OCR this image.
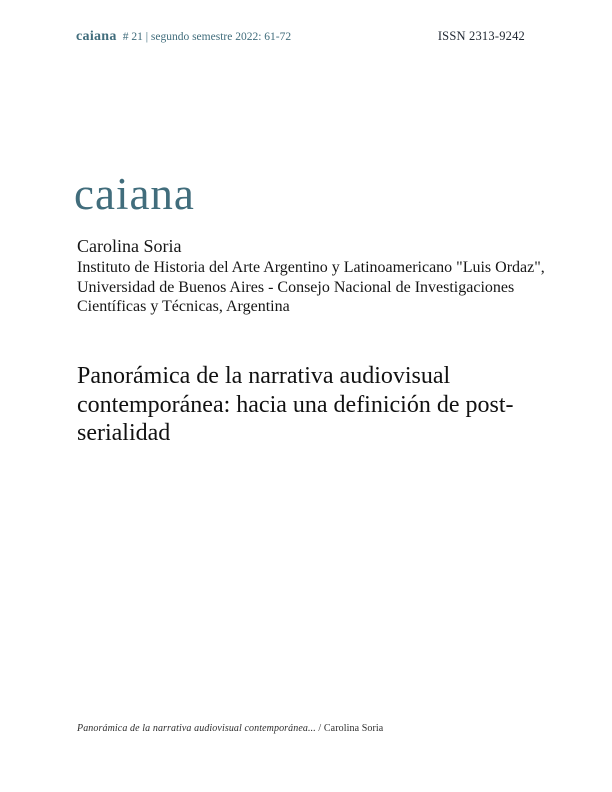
caiana # 21 | segundo semestre 2022: 61-72	ISSN 2313-9242
caiana
Carolina Soria
Instituto de Historia del Arte Argentino y Latinoamericano "Luis Ordaz", Universidad de Buenos Aires - Consejo Nacional de Investigaciones Científicas y Técnicas, Argentina
Panorámica de la narrativa audiovisual contemporánea: hacia una definición de post-serialidad
Panorámica de la narrativa audiovisual contemporánea... / Carolina Soria
